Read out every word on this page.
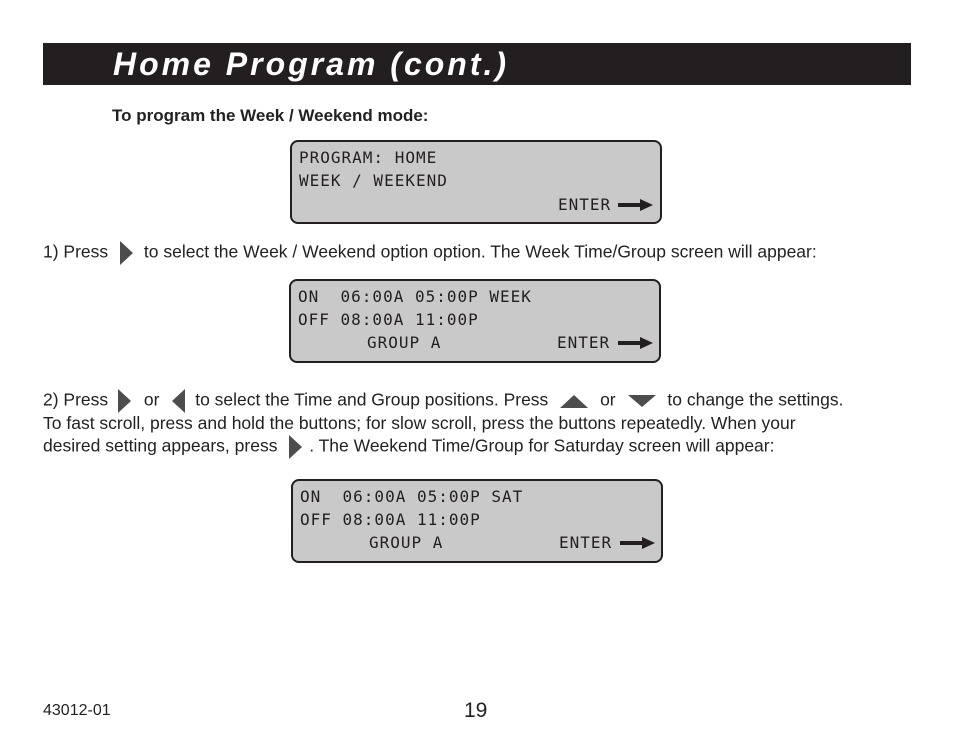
Home Program (cont.)
To program the Week / Weekend mode:
PROGRAM: HOME
WEEK / WEEKEND
ENTER
1) Press to select the Week / Weekend option option. The Week Time/Group screen will appear:
ON  06:00A 05:00P WEEK
OFF 08:00A 11:00P
GROUP A	ENTER
2) Press or to select the Time and Group positions. Press	or	to change the settings.
To fast scroll, press and hold the buttons; for slow scroll, press the buttons repeatedly. When your
desired setting appears, press . The Weekend Time/Group for Saturday screen will appear:
ON  06:00A 05:00P SAT
OFF 08:00A 11:00P
GROUP A	ENTER
43012-01	19
